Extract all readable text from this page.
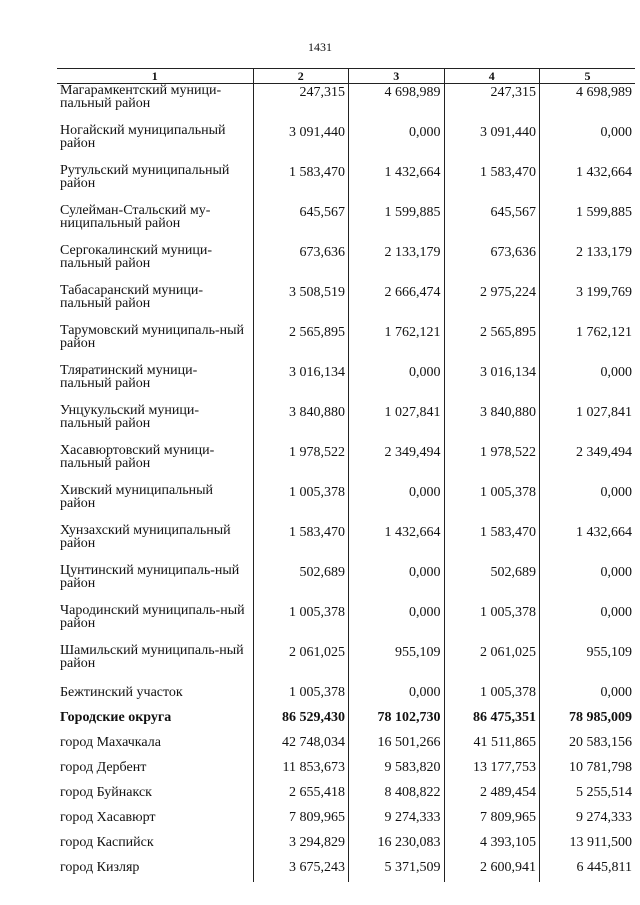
1431
1	2	3	4	5
Магарамкентский муници-пальный район	247,315	4 698,989	247,315	4 698,989
Ногайский муниципальный район	3 091,440	0,000	3 091,440	0,000
Рутульский муниципальный район	1 583,470	1 432,664	1 583,470	1 432,664
Сулейман-Стальский му-ниципальный район	645,567	1 599,885	645,567	1 599,885
Сергокалинский муници-пальный район	673,636	2 133,179	673,636	2 133,179
Табасаранский муници-пальный район	3 508,519	2 666,474	2 975,224	3 199,769
Тарумовский муниципаль-ный район	2 565,895	1 762,121	2 565,895	1 762,121
Тляратинский муници-пальный район	3 016,134	0,000	3 016,134	0,000
Унцукульский муници-пальный район	3 840,880	1 027,841	3 840,880	1 027,841
Хасавюртовский муници-пальный район	1 978,522	2 349,494	1 978,522	2 349,494
Хивский муниципальный район	1 005,378	0,000	1 005,378	0,000
Хунзахский муниципальный район	1 583,470	1 432,664	1 583,470	1 432,664
Цунтинский муниципаль-ный район	502,689	0,000	502,689	0,000
Чародинский муниципаль-ный район	1 005,378	0,000	1 005,378	0,000
Шамильский муниципаль-ный район	2 061,025	955,109	2 061,025	955,109
Бежтинский участок	1 005,378	0,000	1 005,378	0,000
Городские округа	86 529,430	78 102,730	86 475,351	78 985,009
город Махачкала	42 748,034	16 501,266	41 511,865	20 583,156
город Дербент	11 853,673	9 583,820	13 177,753	10 781,798
город Буйнакск	2 655,418	8 408,822	2 489,454	5 255,514
город Хасавюрт	7 809,965	9 274,333	7 809,965	9 274,333
город Каспийск	3 294,829	16 230,083	4 393,105	13 911,500
город Кизляр	3 675,243	5 371,509	2 600,941	6 445,811
